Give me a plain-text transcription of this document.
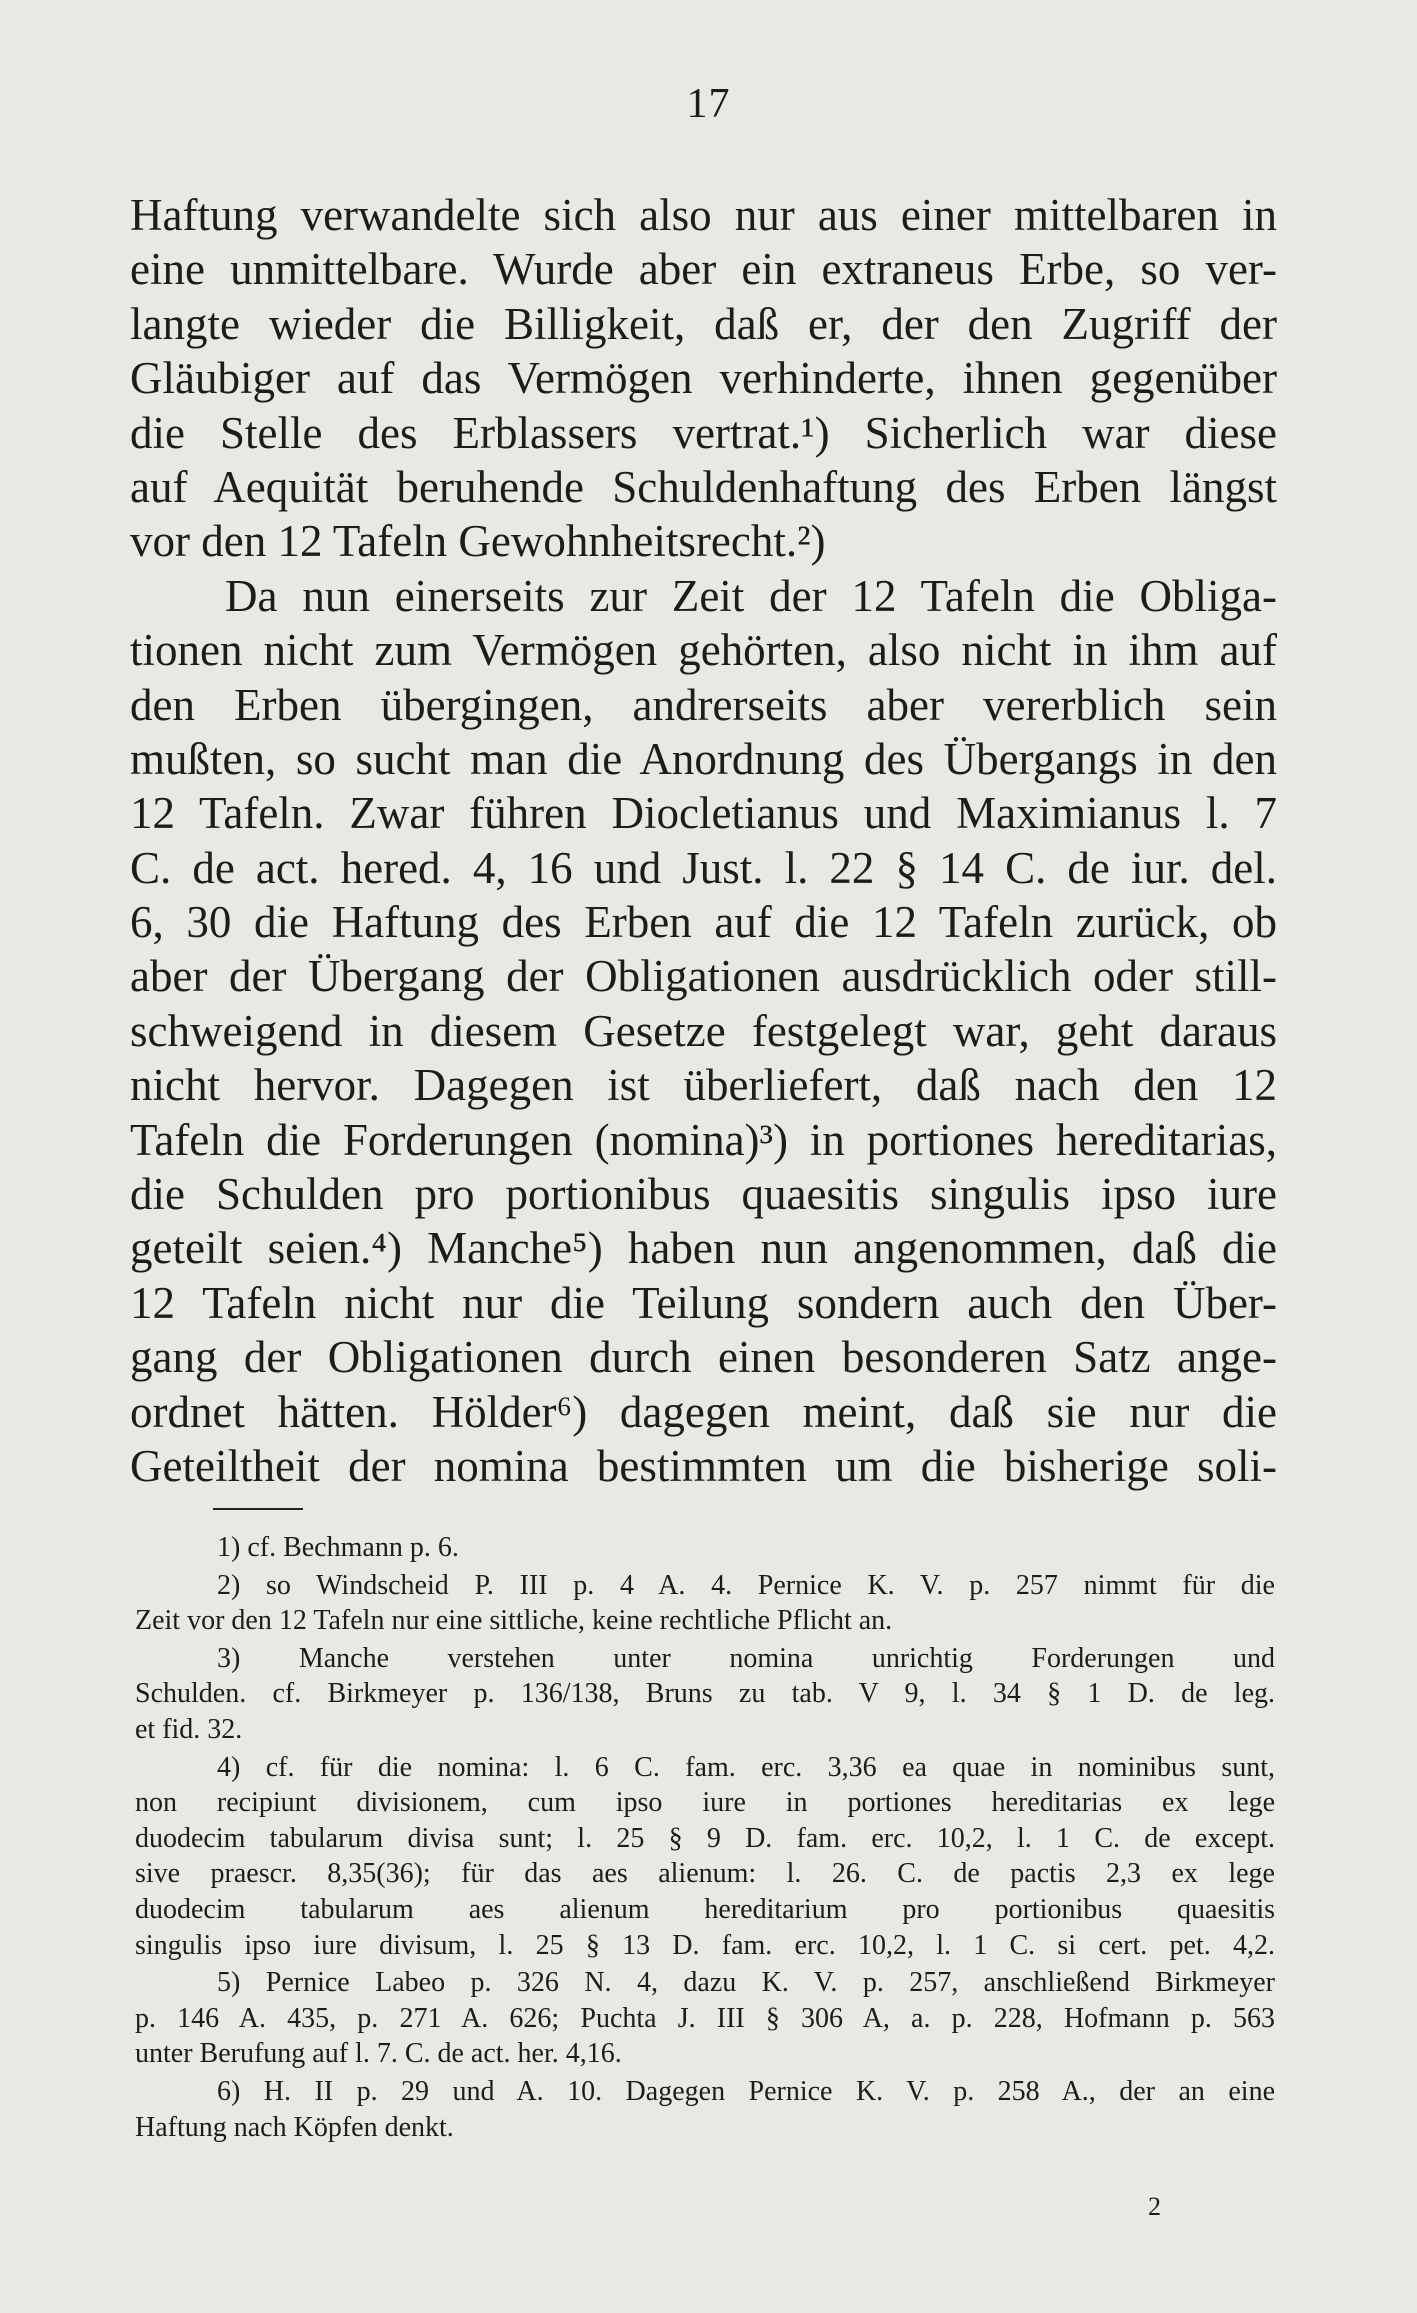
17
Haftung verwandelte sich also nur aus einer mittelbaren in
eine unmittelbare. Wurde aber ein extraneus Erbe, so ver-
langte wieder die Billigkeit, daß er, der den Zugriff der
Gläubiger auf das Vermögen verhinderte, ihnen gegenüber
die Stelle des Erblassers vertrat.¹) Sicherlich war diese
auf Aequität beruhende Schuldenhaftung des Erben längst
vor den 12 Tafeln Gewohnheitsrecht.²)
Da nun einerseits zur Zeit der 12 Tafeln die Obliga-
tionen nicht zum Vermögen gehörten, also nicht in ihm auf
den Erben übergingen, andrerseits aber vererblich sein
mußten, so sucht man die Anordnung des Übergangs in den
12 Tafeln. Zwar führen Diocletianus und Maximianus l. 7
C. de act. hered. 4, 16 und Just. l. 22 § 14 C. de iur. del.
6, 30 die Haftung des Erben auf die 12 Tafeln zurück, ob
aber der Übergang der Obligationen ausdrücklich oder still-
schweigend in diesem Gesetze festgelegt war, geht daraus
nicht hervor. Dagegen ist überliefert, daß nach den 12
Tafeln die Forderungen (nomina)³) in portiones hereditarias,
die Schulden pro portionibus quaesitis singulis ipso iure
geteilt seien.⁴) Manche⁵) haben nun angenommen, daß die
12 Tafeln nicht nur die Teilung sondern auch den Über-
gang der Obligationen durch einen besonderen Satz ange-
ordnet hätten. Hölder⁶) dagegen meint, daß sie nur die
Geteiltheit der nomina bestimmten um die bisherige soli-
1) cf. Bechmann p. 6.
2) so Windscheid P. III p. 4 A. 4. Pernice K. V. p. 257 nimmt für die
Zeit vor den 12 Tafeln nur eine sittliche, keine rechtliche Pflicht an.
3) Manche verstehen unter nomina unrichtig Forderungen und
Schulden. cf. Birkmeyer p. 136/138, Bruns zu tab. V 9, l. 34 § 1 D. de leg.
et fid. 32.
4) cf. für die nomina: l. 6 C. fam. erc. 3,36 ea quae in nominibus sunt,
non recipiunt divisionem, cum ipso iure in portiones hereditarias ex lege
duodecim tabularum divisa sunt; l. 25 § 9 D. fam. erc. 10,2, l. 1 C. de except.
sive praescr. 8,35(36); für das aes alienum: l. 26. C. de pactis 2,3 ex lege
duodecim tabularum aes alienum hereditarium pro portionibus quaesitis
singulis ipso iure divisum, l. 25 § 13 D. fam. erc. 10,2, l. 1 C. si cert. pet. 4,2.
5) Pernice Labeo p. 326 N. 4, dazu K. V. p. 257, anschließend Birkmeyer
p. 146 A. 435, p. 271 A. 626; Puchta J. III § 306 A, a. p. 228, Hofmann p. 563
unter Berufung auf l. 7. C. de act. her. 4,16.
6) H. II p. 29 und A. 10. Dagegen Pernice K. V. p. 258 A., der an eine
Haftung nach Köpfen denkt.
2
